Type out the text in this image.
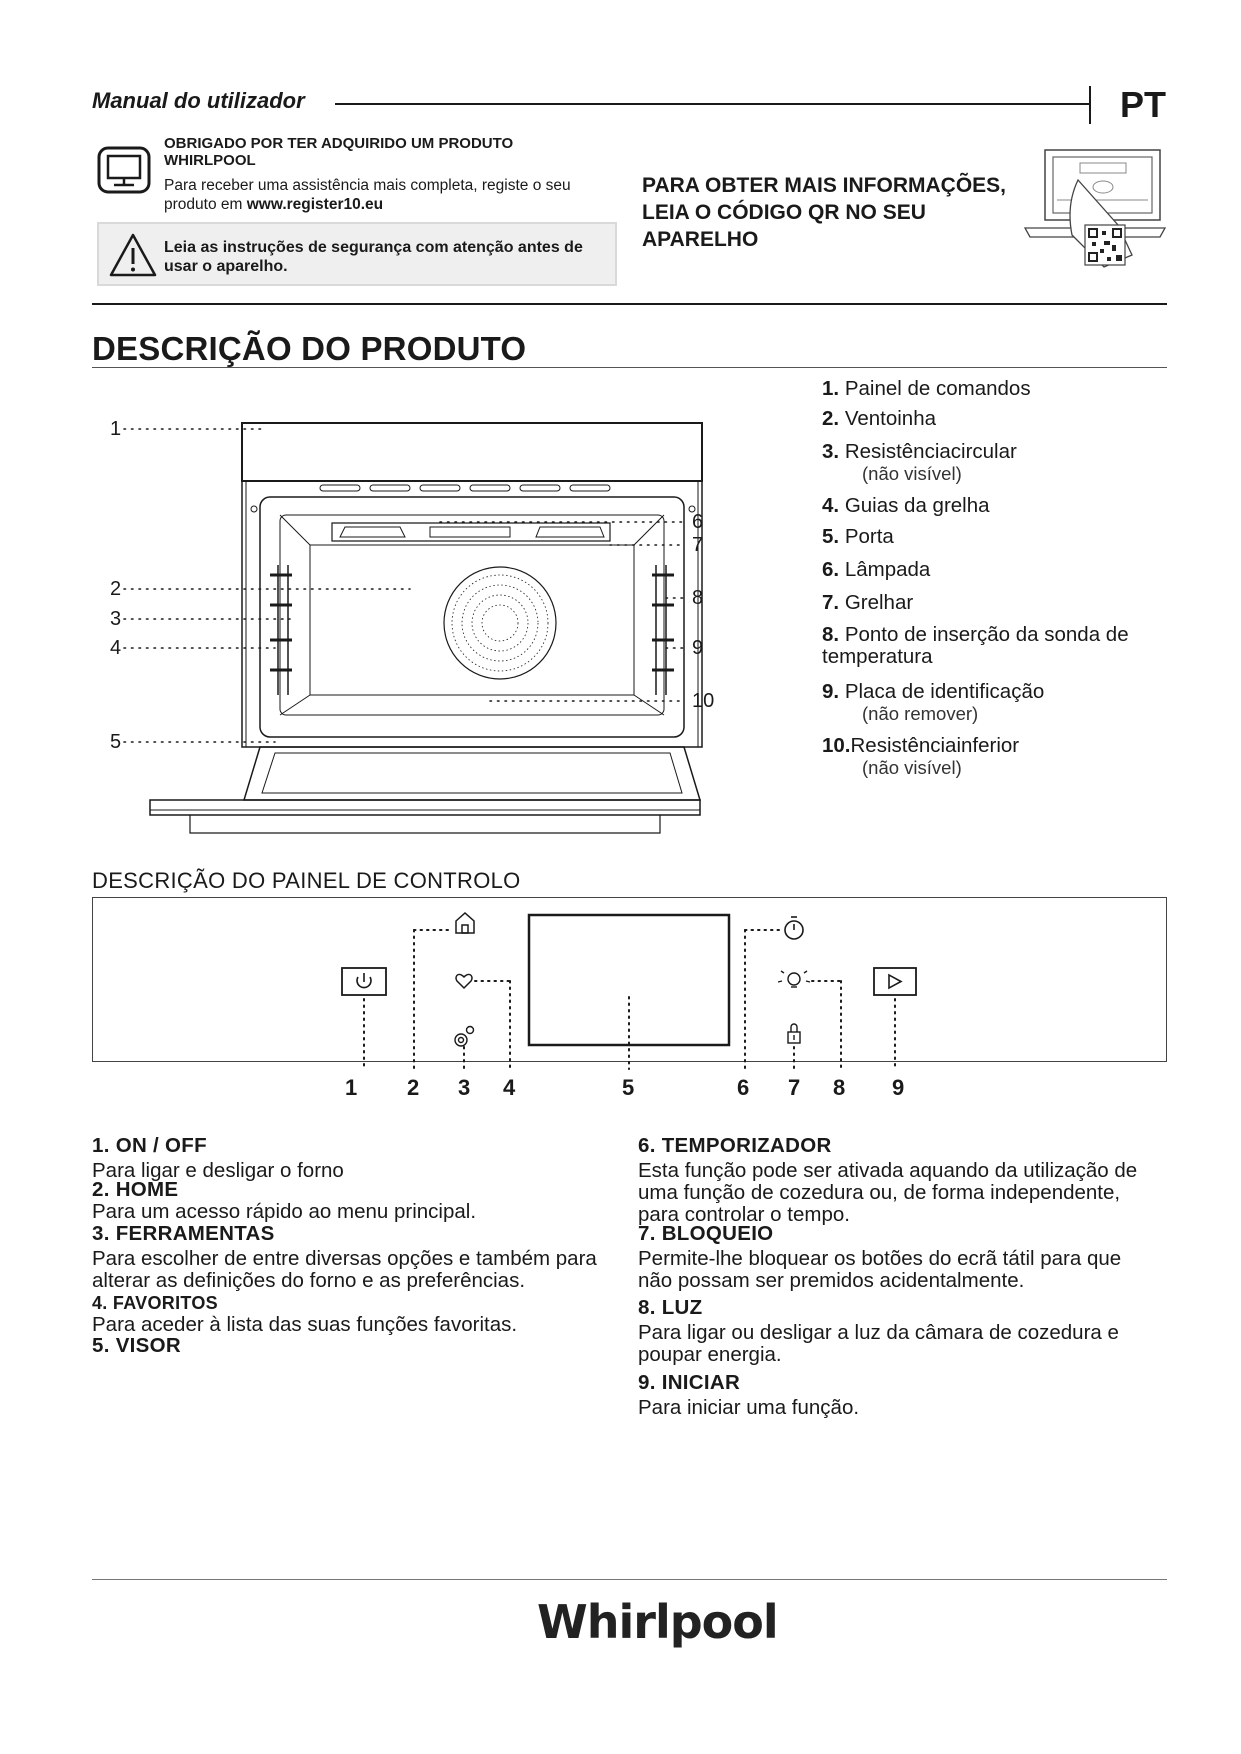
Manual do utilizador	PT
OBRIGADO POR TER ADQUIRIDO UM PRODUTO WHIRLPOOL
Para receber uma assistência mais completa, registe o seu produto em www.register10.eu
Leia as instruções de segurança com atenção antes de usar o aparelho.
PARA OBTER MAIS INFORMAÇÕES, LEIA O CÓDIGO QR NO SEU APARELHO
DESCRIÇÃO DO PRODUTO
1
2
3
4
5
6
7
8
9
10
1. Painel de comandos
2. Ventoinha
3. Resistênciacircular
(não visível)
4. Guias da grelha
5. Porta
6. Lâmpada
7. Grelhar
8. Ponto de inserção da sonda de temperatura
9. Placa de identificação
(não remover)
10.Resistênciainferior
(não visível)
DESCRIÇÃO DO PAINEL DE CONTROLO
1 2 3 4	5	6 7 8 9
1. ON / OFF
Para ligar e desligar o forno
2. HOME
Para um acesso rápido ao menu principal.
3. FERRAMENTAS
Para escolher de entre diversas opções e também para alterar as definições do forno e as preferências.
4. FAVORITOS
Para aceder à lista das suas funções favoritas.
5. VISOR
6. TEMPORIZADOR
Esta função pode ser ativada aquando da utilização de uma função de cozedura ou, de forma independente, para controlar o tempo.
7. BLOQUEIO
Permite-lhe bloquear os botões do ecrã tátil para que não possam ser premidos acidentalmente.
8. LUZ
Para ligar ou desligar a luz da câmara de cozedura e poupar energia.
9. INICIAR
Para iniciar uma função.
Whirlpool
